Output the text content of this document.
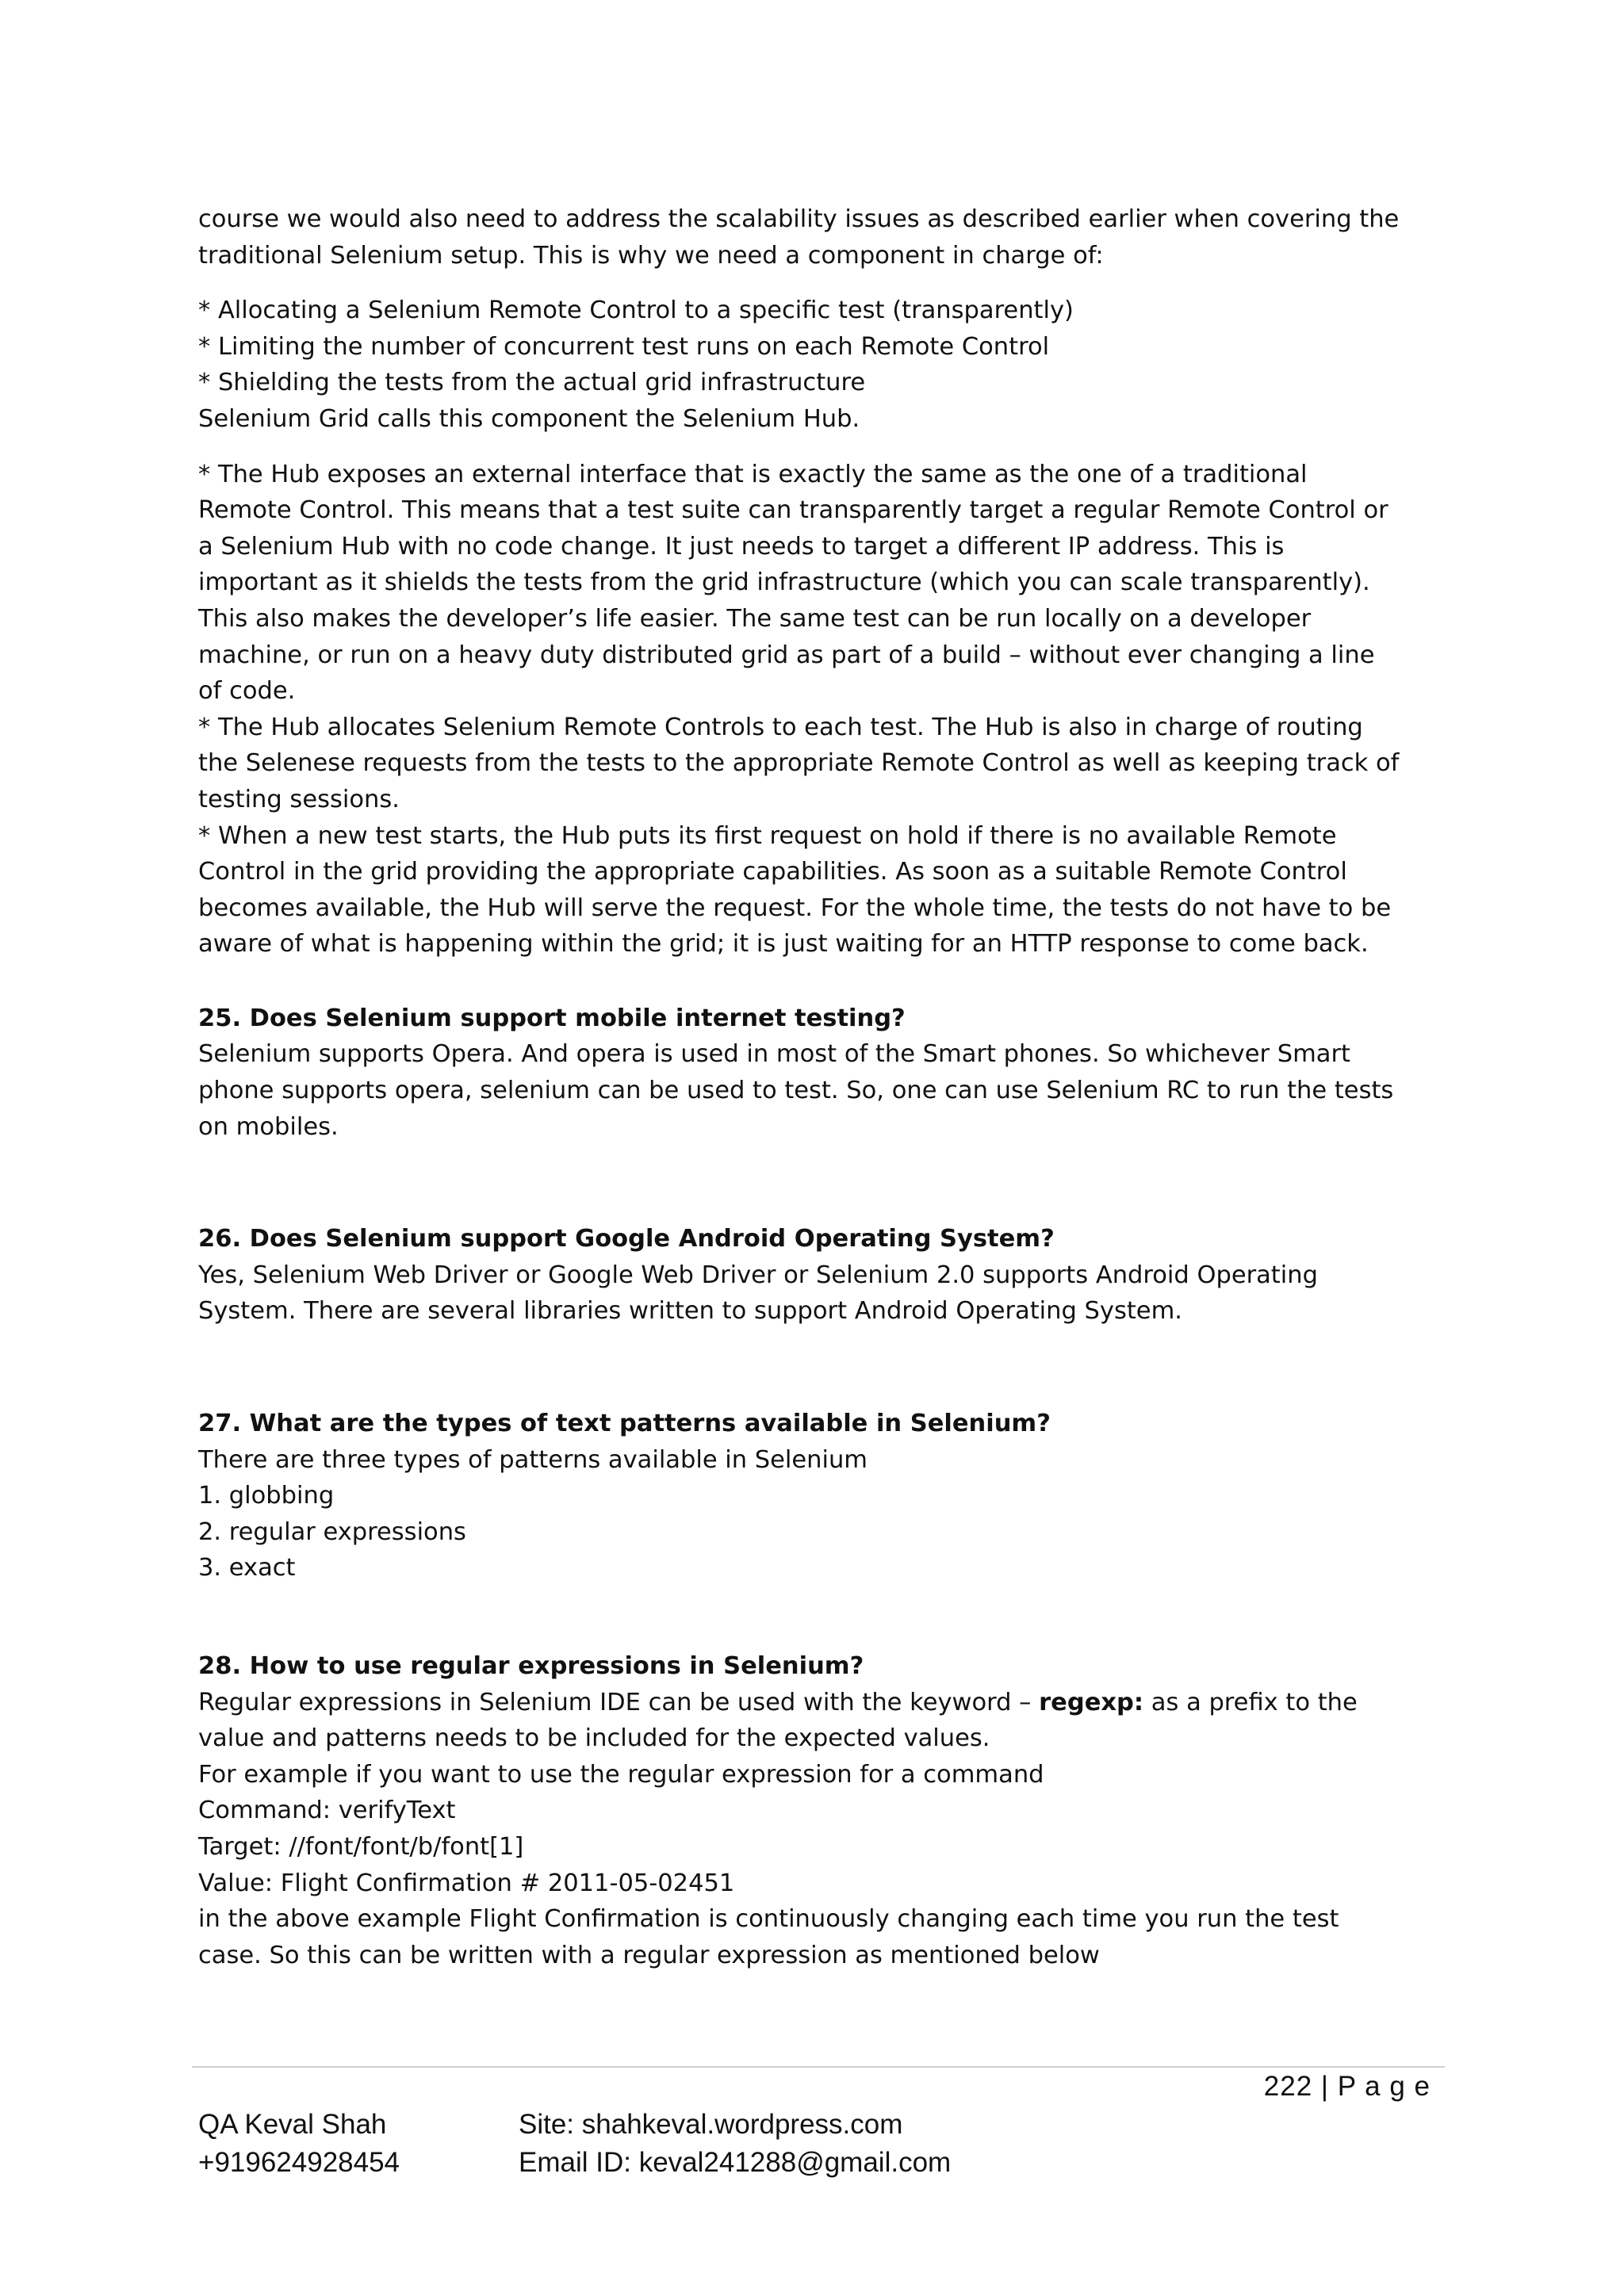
course we would also need to address the scalability issues as described earlier when covering the

traditional Selenium setup. This is why we need a component in charge of:

* Allocating a Selenium Remote Control to a specific test (transparently)

* Limiting the number of concurrent test runs on each Remote Control

* Shielding the tests from the actual grid infrastructure

Selenium Grid calls this component the Selenium Hub.

* The Hub exposes an external interface that is exactly the same as the one of a traditional

Remote Control. This means that a test suite can transparently target a regular Remote Control or

a Selenium Hub with no code change. It just needs to target a different IP address. This is

important as it shields the tests from the grid infrastructure (which you can scale transparently).

This also makes the developer’s life easier. The same test can be run locally on a developer

machine, or run on a heavy duty distributed grid as part of a build – without ever changing a line

of code.

* The Hub allocates Selenium Remote Controls to each test. The Hub is also in charge of routing

the Selenese requests from the tests to the appropriate Remote Control as well as keeping track of

testing sessions.

* When a new test starts, the Hub puts its first request on hold if there is no available Remote

Control in the grid providing the appropriate capabilities. As soon as a suitable Remote Control

becomes available, the Hub will serve the request. For the whole time, the tests do not have to be

aware of what is happening within the grid; it is just waiting for an HTTP response to come back.

25. Does Selenium support mobile internet testing?

Selenium supports Opera. And opera is used in most of the Smart phones. So whichever Smart

phone supports opera, selenium can be used to test. So, one can use Selenium RC to run the tests

on mobiles.

26. Does Selenium support Google Android Operating System?

Yes, Selenium Web Driver or Google Web Driver or Selenium 2.0 supports Android Operating

System. There are several libraries written to support Android Operating System.

27. What are the types of text patterns available in Selenium?

There are three types of patterns available in Selenium

1. globbing

2. regular expressions

3. exact

28. How to use regular expressions in Selenium?

Regular expressions in Selenium IDE can be used with the keyword – regexp: as a prefix to the

value and patterns needs to be included for the expected values.

For example if you want to use the regular expression for a command

Command: verifyText

Target: //font/font/b/font[1]

Value: Flight Confirmation # 2011-05-02451

in the above example Flight Confirmation is continuously changing each time you run the test

case. So this can be written with a regular expression as mentioned below

222 | P a g e
QA Keval Shah
+919624928454
Site: shahkeval.wordpress.com
Email ID: keval241288@gmail.com
